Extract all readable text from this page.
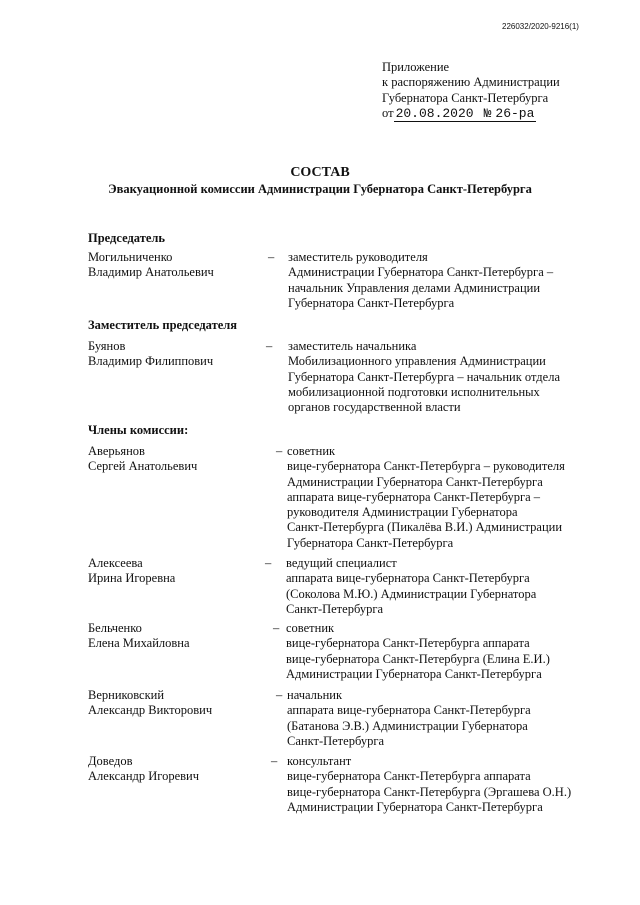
226032/2020-9216(1)
Приложение
к распоряжению Администрации
Губернатора Санкт-Петербурга
от 20.08.2020 № 26-ра
СОСТАВ
Эвакуационной комиссии Администрации Губернатора Санкт-Петербурга
Председатель
Заместитель председателя
Члены комиссии:
Могильниченко
Владимир Анатольевич
– заместитель руководителя
Администрации Губернатора Санкт-Петербурга –
начальник Управления делами Администрации
Губернатора Санкт-Петербурга
Буянов
Владимир Филиппович
– заместитель начальника
Мобилизационного управления Администрации
Губернатора Санкт-Петербурга – начальник отдела
мобилизационной подготовки исполнительных
органов государственной власти
Аверьянов
Сергей Анатольевич
– советник
вице-губернатора Санкт-Петербурга – руководителя
Администрации Губернатора Санкт-Петербурга
аппарата вице-губернатора Санкт-Петербурга –
руководителя Администрации Губернатора
Санкт-Петербурга (Пикалёва В.И.) Администрации
Губернатора Санкт-Петербурга
Алексеева
Ирина Игоревна
– ведущий специалист
аппарата вице-губернатора Санкт-Петербурга
(Соколова М.Ю.) Администрации Губернатора
Санкт-Петербурга
Бельченко
Елена Михайловна
– советник
вице-губернатора Санкт-Петербурга аппарата
вице-губернатора Санкт-Петербурга (Елина Е.И.)
Администрации Губернатора Санкт-Петербурга
Верниковский
Александр Викторович
– начальник
аппарата вице-губернатора Санкт-Петербурга
(Батанова Э.В.) Администрации Губернатора
Санкт-Петербурга
Доведов
Александр Игоревич
– консультант
вице-губернатора Санкт-Петербурга аппарата
вице-губернатора Санкт-Петербурга (Эргашева О.Н.)
Администрации Губернатора Санкт-Петербурга
